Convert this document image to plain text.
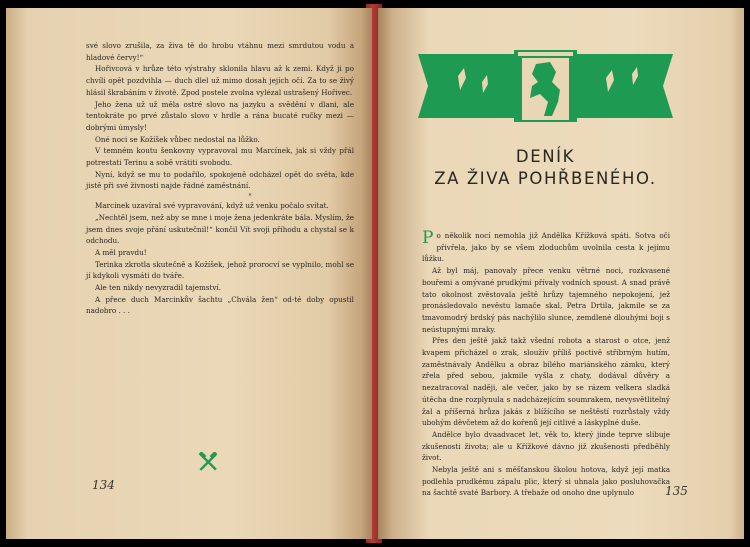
své slovo zrušila, za živa tě do hrobu vtáhnu mezi smrdutou vodu a hladové červy!“

Hořivcová v hrůze této výstrahy sklonila hlavu až k zemi. Když ji po chvíli opět pozdvihla — duch dlel už mimo dosah jejích očí. Za to se živý hlásil škrabáním v životě. Zpod postele zvolna vylézal ustrašený Hořivec.

Jeho žena už už měla ostré slovo na jazyku a svědění v dlani, ale tentokráte po prvé zůstalo slovo v hrdle a rána bucaté ručky mezi — dobrými úmysly!

Oné noci se Kožíšek vůbec nedostal na lůžko.

V temném koutu šenkovny vypravoval mu Marcínek, jak si vždy přál potrestati Terinu a sobě vrátiti svobodu.

Nyní, když se mu to podařilo, spokojeně odcházel opět do světa, kde jistě při své živnosti najde řádné zaměstnání.

*

Marcínek uzavíral své vypravování, když už venku počalo svítat.

„Nechtěl jsem, než aby se mne i moje žena jedenkráte bála. Myslím, že jsem dnes svoje přání uskutečnil!“ končil Vít svoji příhodu a chystal se k odchodu.

A měl pravdu!

Terinka zkrotla skutečně a Kožíšek, jehož prorocví se vyplnilo, mohl se jí kdykoli vysmáti do tváře.

Ale ten nikdy nevyzradil tajemství.

A přece duch Marcinkův šachtu „Chvála žen“ od-té doby opustil nadobro . . .

134
DENÍK
ZA ŽIVA POHŘBENÉHO.

Po několik nocí nemohla již Andělka Křížková spáti. Sotva oči přivřela, jako by se všem zloduchům uvolnila cesta k jejímu lůžku.

Až byl máj, panovaly přece venku větrné noci, rozkvasené bouřemi a omývané prudkými přívaly vodních spoust. A snad právě tato okolnost zvěstovala ještě hrůzy tajemného nepokojení, jež pronásledovalo nevěstu lamače skal, Petra Drtila, jakmile se za tmavomodrý brdský pás nachýlilo slunce, zemdlené dlouhými boji s neústupnými mraky.

Přes den ještě jakž takž všední robota a starost o otce, jenž kvapem přicházel o zrak, sloužív příliš poctivě stříbrným hutím, zaměstnávaly Andělku a obraz bílého mariánského zámku, který zřela před sebou, jakmile vyšla z chaty, dodával důvěry a nezatracoval naději, ale večer, jako by se rázem velkera sladká útěcha dne rozplynula s nadcházejícím soumrakem, nevysvětlitelný žal a příšerná hrůza jakás z blížícího se neštěstí rozrůstaly vždy ubohým děvčetem až do kořenů její citlivé a láskyplné duše.

Andělce bylo dvaadvacet let, věk to, který jinde teprve slibuje zkušenosti života; ale u Křížkové dávno již zkušenosti předběhly život.

Nebyla ještě ani s měšťanskou školou hotova, když její matka podlehla prudkému zápalu plic, který si uhnala jako posluhovačka na šachtě svaté Barbory. A třebaže od onoho dne uplynulo	135
